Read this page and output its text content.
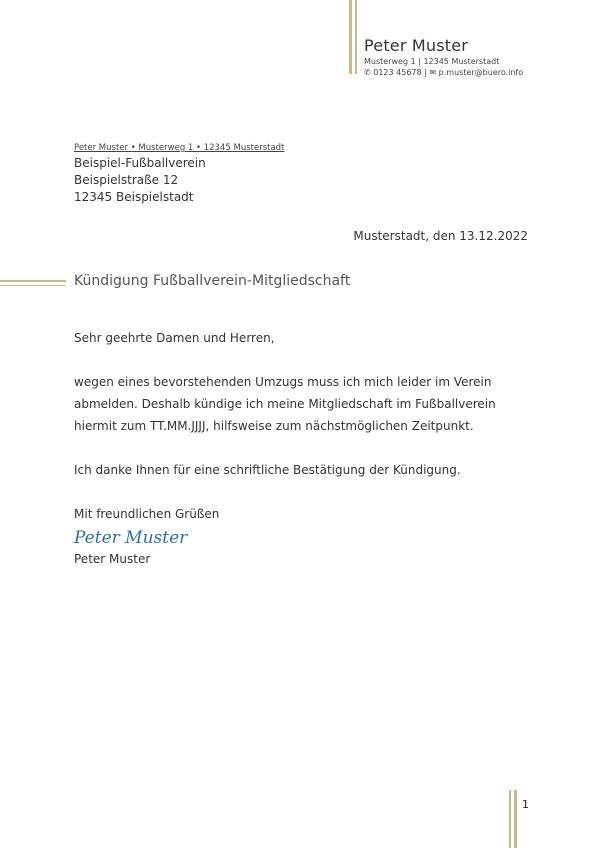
Peter Muster
Musterweg 1 | 12345 Musterstadt
✆ 0123 45678 | ✉ p.muster@buero.info
Peter Muster • Musterweg 1 • 12345 Musterstadt
Beispiel-Fußballverein
Beispielstraße 12
12345 Beispielstadt
Musterstadt, den 13.12.2022
Kündigung Fußballverein-Mitgliedschaft
Sehr geehrte Damen und Herren,
wegen eines bevorstehenden Umzugs muss ich mich leider im Verein abmelden. Deshalb kündige ich meine Mitgliedschaft im Fußballverein hiermit zum TT.MM.JJJJ, hilfsweise zum nächstmöglichen Zeitpunkt.
Ich danke Ihnen für eine schriftliche Bestätigung der Kündigung.
Mit freundlichen Grüßen
Peter Muster
Peter Muster
1
